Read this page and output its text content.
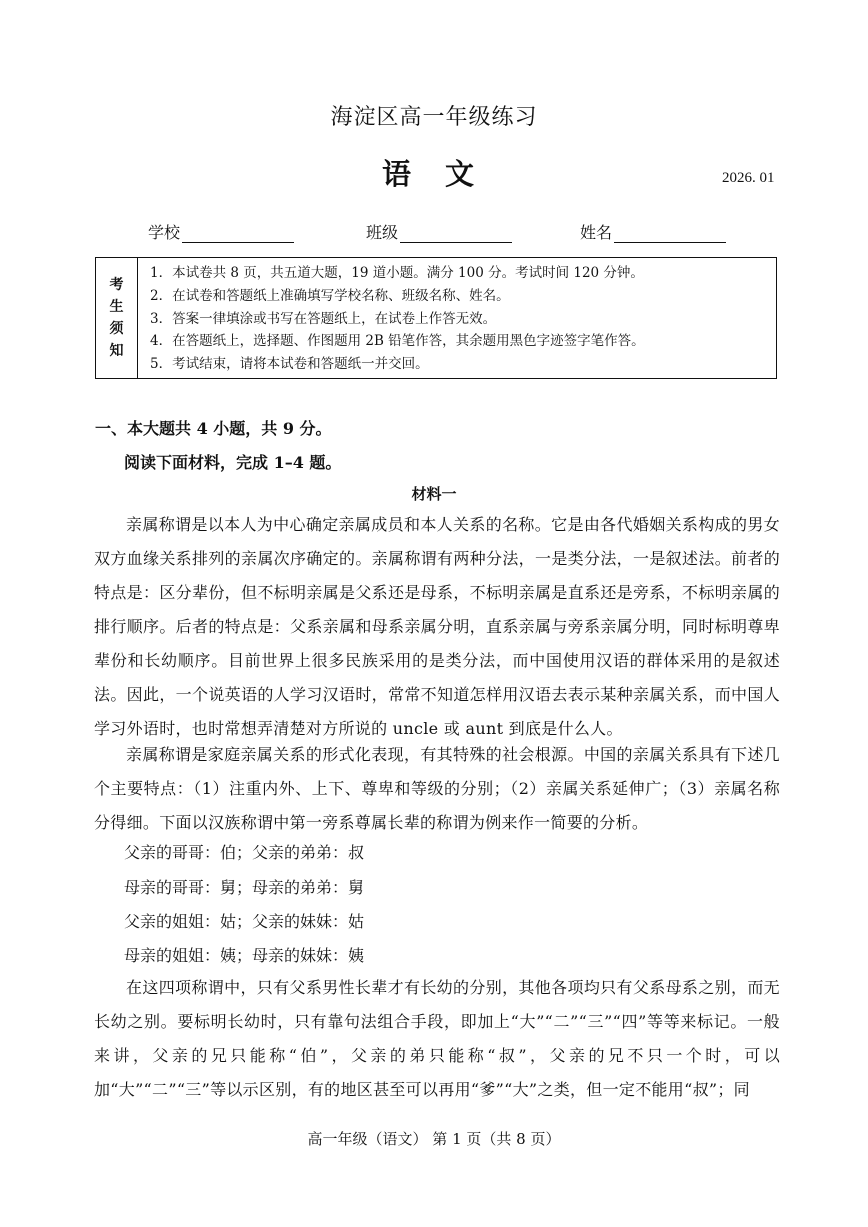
海淀区高一年级练习
语 文	2026. 01
学校	班级	姓名
考
生
须
知
1．本试卷共 8 页，共五道大题，19 道小题。满分 100 分。考试时间 120 分钟。
2．在试卷和答题纸上准确填写学校名称、班级名称、姓名。
3．答案一律填涂或书写在答题纸上，在试卷上作答无效。
4．在答题纸上，选择题、作图题用 2B 铅笔作答，其余题用黑色字迹签字笔作答。
5．考试结束，请将本试卷和答题纸一并交回。
一、本大题共 4 小题，共 9 分。
阅读下面材料，完成 1–4 题。
材料一
亲属称谓是以本人为中心确定亲属成员和本人关系的名称。它是由各代婚姻关系构成的男女双方血缘关系排列的亲属次序确定的。亲属称谓有两种分法，一是类分法，一是叙述法。前者的特点是：区分辈份，但不标明亲属是父系还是母系，不标明亲属是直系还是旁系，不标明亲属的排行顺序。后者的特点是：父系亲属和母系亲属分明，直系亲属与旁系亲属分明，同时标明尊卑辈份和长幼顺序。目前世界上很多民族采用的是类分法，而中国使用汉语的群体采用的是叙述法。因此，一个说英语的人学习汉语时，常常不知道怎样用汉语去表示某种亲属关系，而中国人学习外语时，也时常想弄清楚对方所说的 uncle 或 aunt 到底是什么人。
亲属称谓是家庭亲属关系的形式化表现，有其特殊的社会根源。中国的亲属关系具有下述几个主要特点：（1）注重内外、上下、尊卑和等级的分别；（2）亲属关系延伸广；（3）亲属名称分得细。下面以汉族称谓中第一旁系尊属长辈的称谓为例来作一简要的分析。
父亲的哥哥：伯；父亲的弟弟：叔
母亲的哥哥：舅；母亲的弟弟：舅
父亲的姐姐：姑；父亲的妹妹：姑
母亲的姐姐：姨；母亲的妹妹：姨
在这四项称谓中，只有父系男性长辈才有长幼的分别，其他各项均只有父系母系之别，而无长幼之别。要标明长幼时，只有靠句法组合手段，即加上“大”“二”“三”“四”等等来标记。一般来讲，父亲的兄只能称“伯”，父亲的弟只能称“叔”，父亲的兄不只一个时，可以加“大”“二”“三”等以示区别，有的地区甚至可以再用“爹”“大”之类，但一定不能用“叔”；同
高一年级（语文） 第 1 页（共 8 页）
